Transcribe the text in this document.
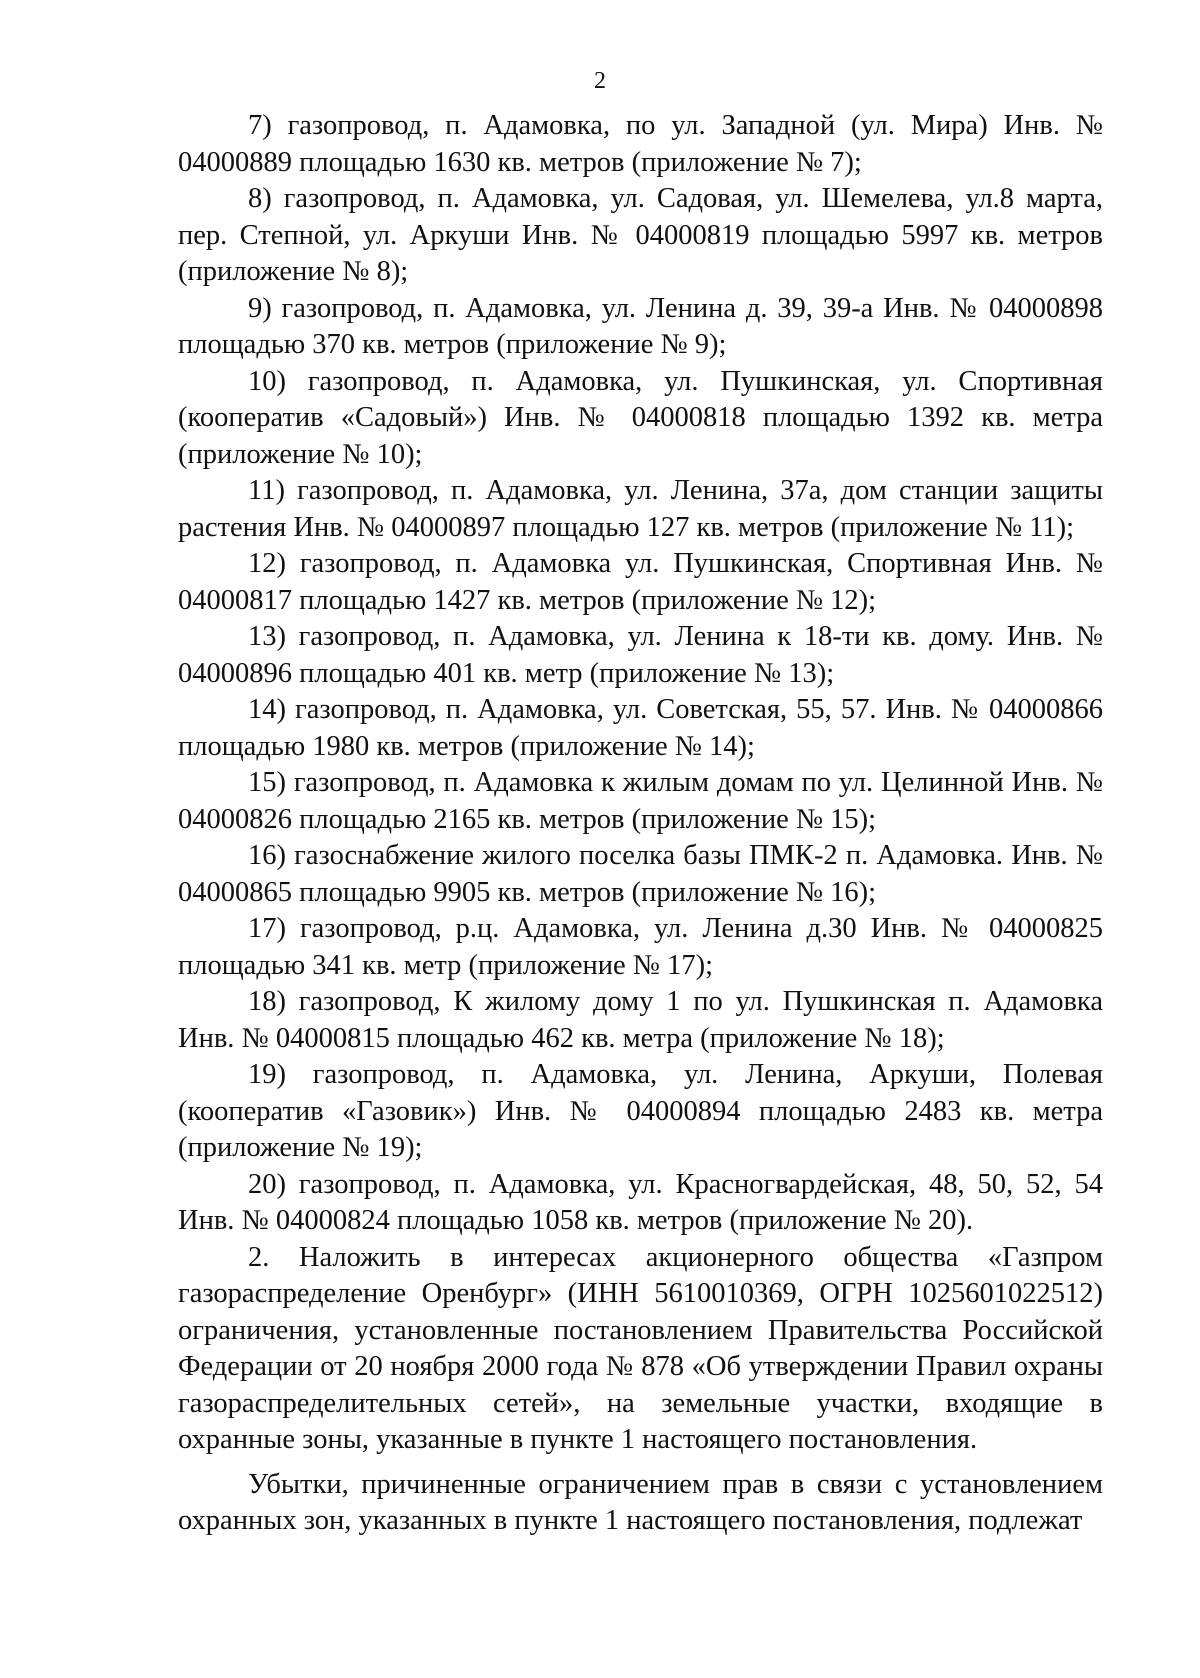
2

7) газопровод, п. Адамовка, по ул. Западной (ул. Мира) Инв. № 04000889 площадью 1630 кв. метров (приложение № 7);

8) газопровод, п. Адамовка, ул. Садовая, ул. Шемелева, ул.8 марта, пер. Степной, ул. Аркуши Инв. № 04000819 площадью 5997 кв. метров (приложение № 8);

9) газопровод, п. Адамовка, ул. Ленина д. 39, 39-а Инв. № 04000898 площадью 370 кв. метров (приложение № 9);

10) газопровод, п. Адамовка, ул. Пушкинская, ул. Спортивная (кооператив «Садовый») Инв. № 04000818 площадью 1392 кв. метра (приложение № 10);

11) газопровод, п. Адамовка, ул. Ленина, 37а, дом станции защиты растения Инв. № 04000897 площадью 127 кв. метров (приложение № 11);

12) газопровод, п. Адамовка ул. Пушкинская, Спортивная Инв. № 04000817 площадью 1427 кв. метров (приложение № 12);

13) газопровод, п. Адамовка, ул. Ленина к 18-ти кв. дому. Инв. № 04000896 площадью 401 кв. метр (приложение № 13);

14) газопровод, п. Адамовка, ул. Советская, 55, 57. Инв. № 04000866 площадью 1980 кв. метров (приложение № 14);

15) газопровод, п. Адамовка к жилым домам по ул. Целинной Инв. № 04000826 площадью 2165 кв. метров (приложение № 15);

16) газоснабжение жилого поселка базы ПМК-2 п. Адамовка. Инв. № 04000865 площадью 9905 кв. метров (приложение № 16);

17) газопровод, р.ц. Адамовка, ул. Ленина д.30 Инв. № 04000825 площадью 341 кв. метр (приложение № 17);

18) газопровод, К жилому дому 1 по ул. Пушкинская п. Адамовка Инв. № 04000815 площадью 462 кв. метра (приложение № 18);

19) газопровод, п. Адамовка, ул. Ленина, Аркуши, Полевая (кооператив «Газовик») Инв. № 04000894 площадью 2483 кв. метра (приложение № 19);

20) газопровод, п. Адамовка, ул. Красногвардейская, 48, 50, 52, 54 Инв. № 04000824 площадью 1058 кв. метров (приложение № 20).

2. Наложить в интересах акционерного общества «Газпром газораспределение Оренбург» (ИНН 5610010369, ОГРН 1025601022512) ограничения, установленные постановлением Правительства Российской Федерации от 20 ноября 2000 года № 878 «Об утверждении Правил охраны газораспределительных сетей», на земельные участки, входящие в охранные зоны, указанные в пункте 1 настоящего постановления.

Убытки, причиненные ограничением прав в связи с установлением охранных зон, указанных в пункте 1 настоящего постановления, подлежат
